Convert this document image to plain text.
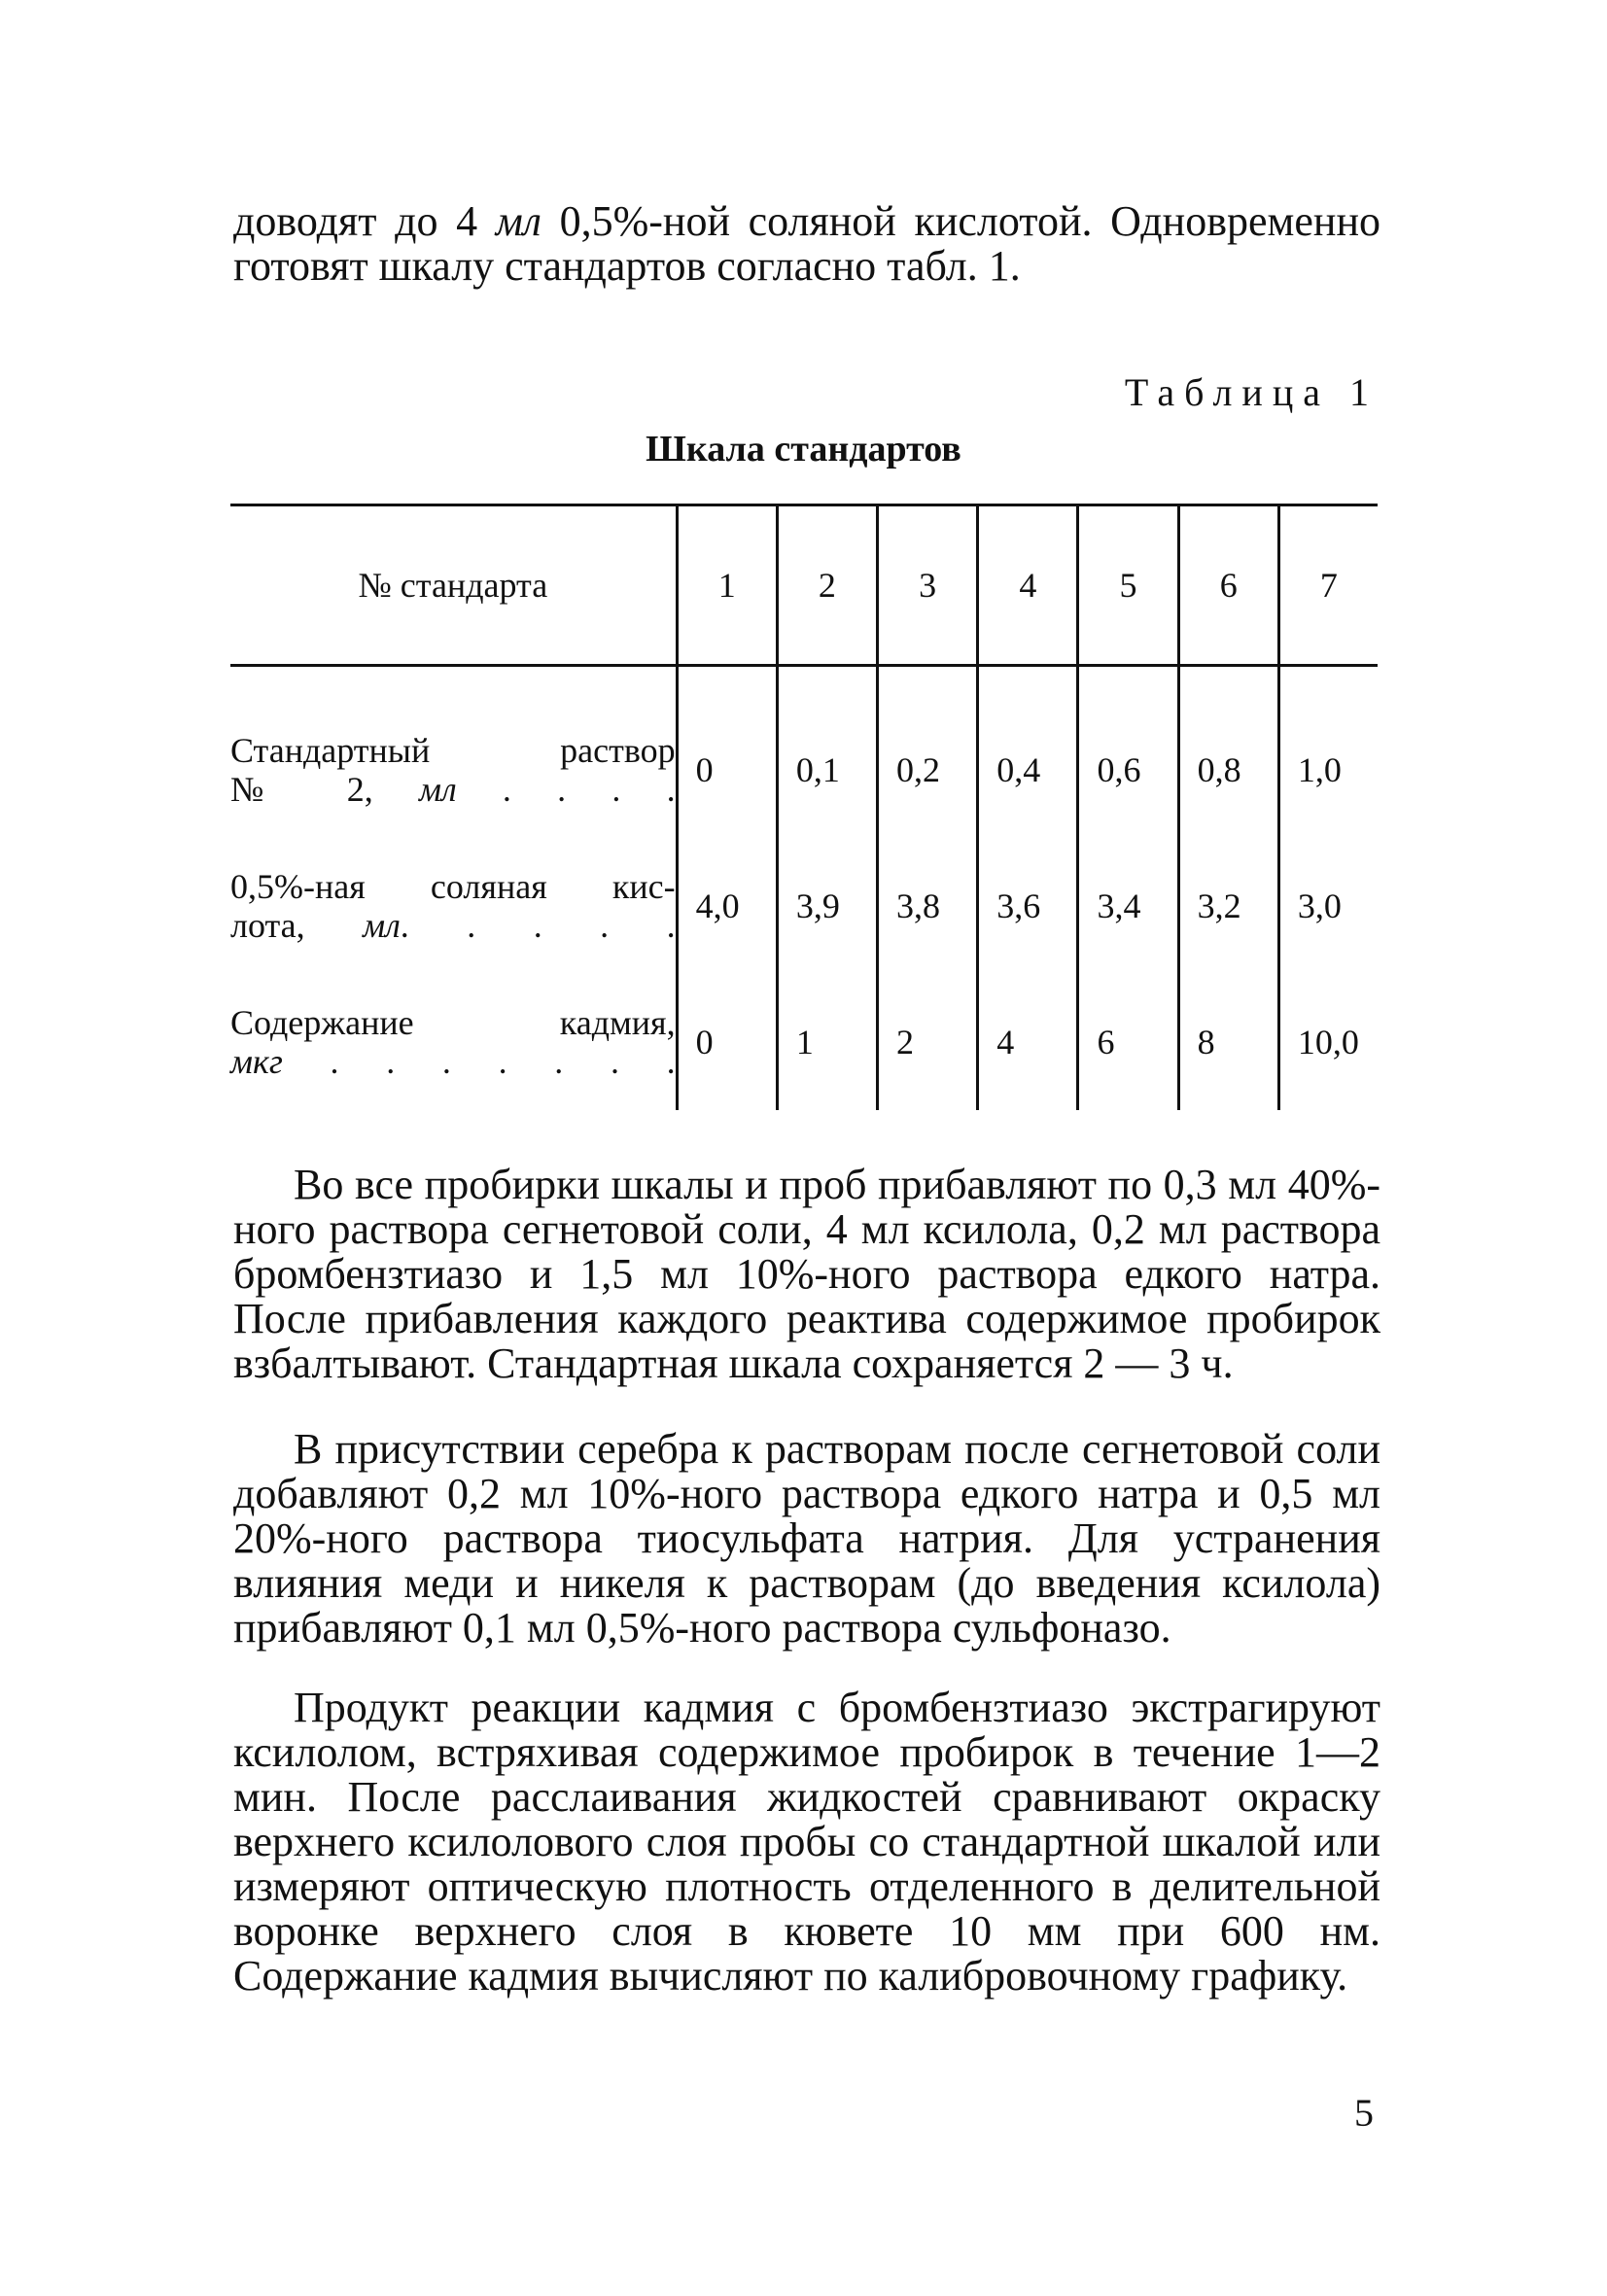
доводят до 4 мл 0,5%-ной соляной кислотой. Одновременно готовят шкалу стандартов согласно табл. 1.

Таблица 1
Шкала стандартов
№ стандарта	1	2	3	4	5	6	7

Стандартный раствор
№ 2, мл . . . .	0	0,1	0,2	0,4	0,6	0,8	1,0

0,5%-ная соляная кис-
лота, мл. . . . .	4,0	3,9	3,8	3,6	3,4	3,2	3,0

Содержание кадмия,
мкг . . . . . . .	0	1	2	4	6	8	10,0

Во все пробирки шкалы и проб прибавляют по 0,3 мл 40%-ного раствора сегнетовой соли, 4 мл ксилола, 0,2 мл раствора бромбензтиазо и 1,5 мл 10%-ного раствора едкого натра. После прибавления каждого реактива содержимое пробирок взбалтывают. Стандартная шкала сохраняется 2 — 3 ч.

В присутствии серебра к растворам после сегнетовой соли добавляют 0,2 мл 10%-ного раствора едкого натра и 0,5 мл 20%-ного раствора тиосульфата натрия. Для устранения влияния меди и никеля к растворам (до введения ксилола) прибавляют 0,1 мл 0,5%-ного раствора сульфоназо.

Продукт реакции кадмия с бромбензтиазо экстрагируют ксилолом, встряхивая содержимое пробирок в течение 1—2 мин. После расслаивания жидкостей сравнивают окраску верхнего ксилолового слоя пробы со стандартной шкалой или измеряют оптическую плотность отделенного в делительной воронке верхнего слоя в кювете 10 мм при 600 нм. Содержание кадмия вычисляют по калибровочному графику.

5
